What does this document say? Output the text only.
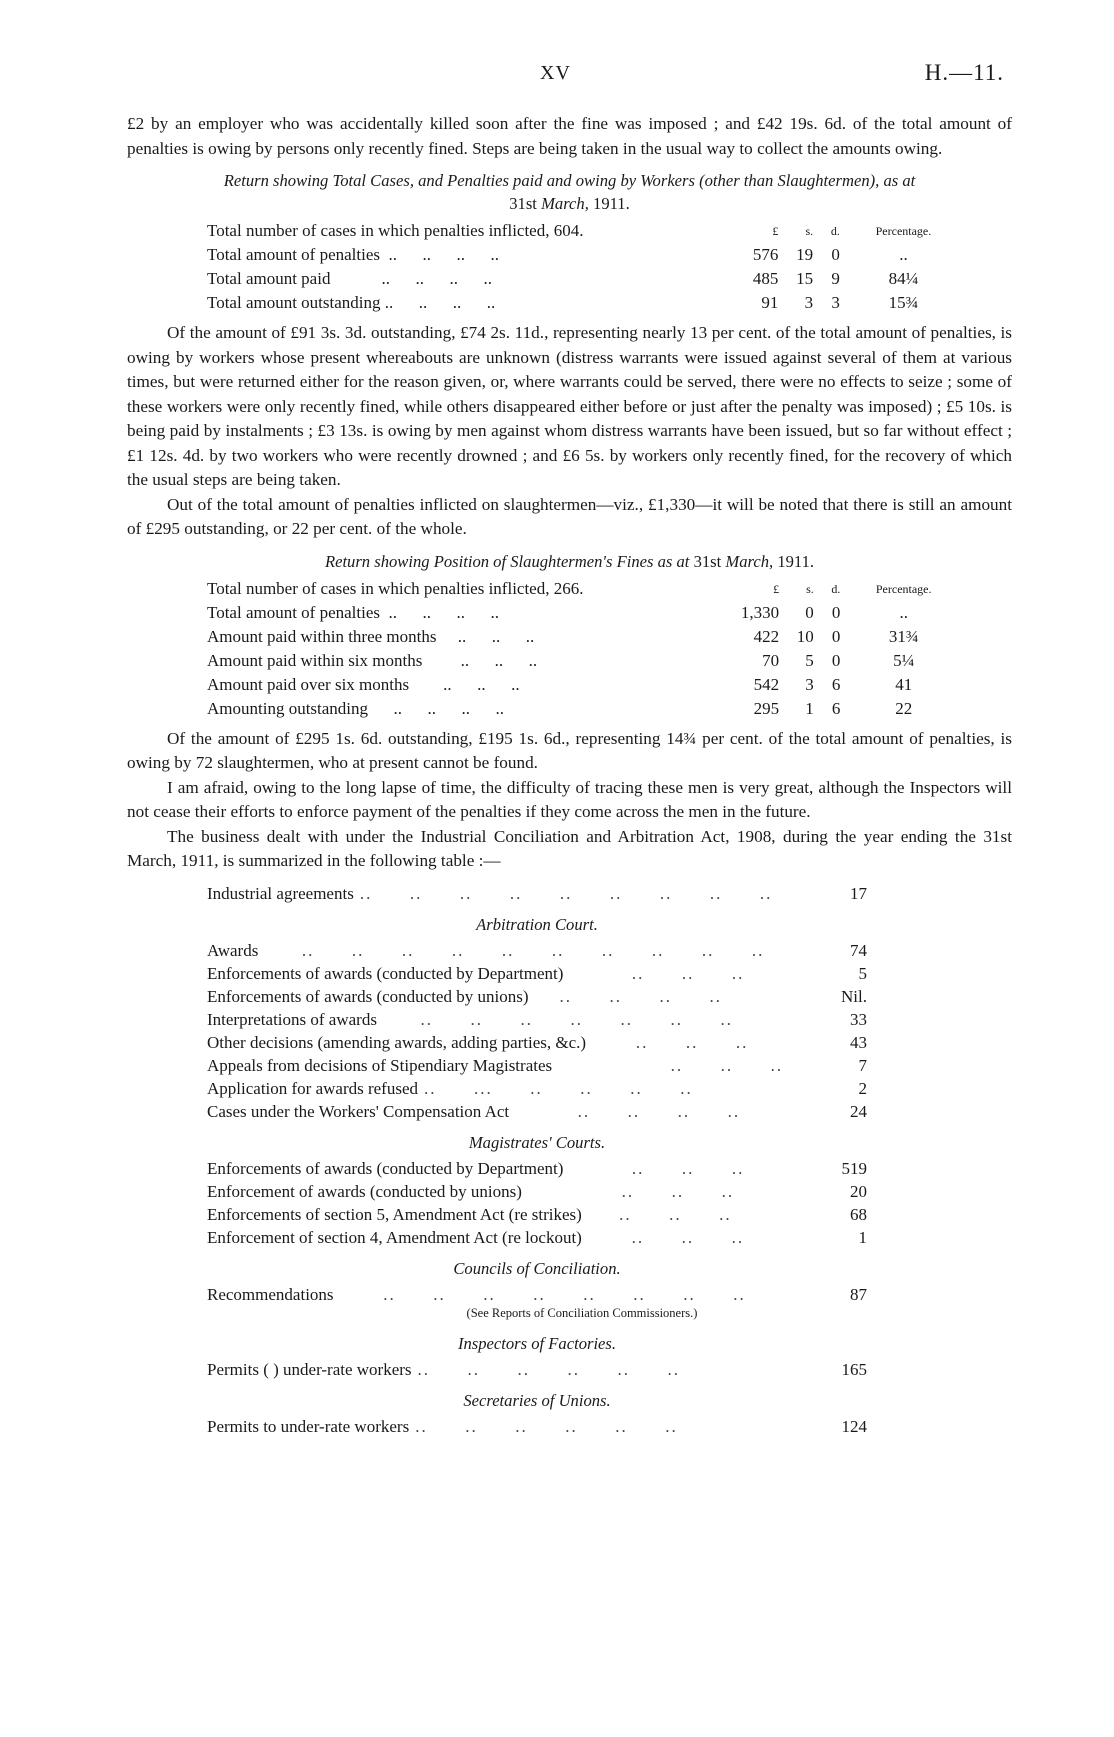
XV	H.—11.

£2 by an employer who was accidentally killed soon after the fine was imposed ; and £42 19s. 6d. of the total amount of penalties is owing by persons only recently fined. Steps are being taken in the usual way to collect the amounts owing.

Return showing Total Cases, and Penalties paid and owing by Workers (other than Slaughtermen), as at
31st March, 1911.
Total number of cases in which penalties inflicted, 604.	£	s.	d.	Percentage.
Total amount of penalties  ..      ..      ..      ..	576	19	0	..
Total amount paid            ..      ..      ..      ..	485	15	9	84¼
Total amount outstanding ..      ..      ..      ..	91	3	3	15¾

Of the amount of £91 3s. 3d. outstanding, £74 2s. 11d., representing nearly 13 per cent. of the total amount of penalties, is owing by workers whose present whereabouts are unknown (distress warrants were issued against several of them at various times, but were returned either for the reason given, or, where warrants could be served, there were no effects to seize ; some of these workers were only recently fined, while others disappeared either before or just after the penalty was imposed) ; £5 10s. is being paid by instalments ; £3 13s. is owing by men against whom distress warrants have been issued, but so far without effect ; £1 12s. 4d. by two workers who were recently drowned ; and £6 5s. by workers only recently fined, for the recovery of which the usual steps are being taken.

Out of the total amount of penalties inflicted on slaughtermen—viz., £1,330—it will be noted that there is still an amount of £295 outstanding, or 22 per cent. of the whole.

Return showing Position of Slaughtermen's Fines as at 31st March, 1911.
Total number of cases in which penalties inflicted, 266.	£	s.	d.	Percentage.
Total amount of penalties  ..      ..      ..      ..	1,330	0	0	..
Amount paid within three months     ..      ..      ..	422	10	0	31¾
Amount paid within six months         ..      ..      ..	70	5	0	5¼
Amount paid over six months        ..      ..      ..	542	3	6	41
Amounting outstanding      ..      ..      ..      ..	295	1	6	22

Of the amount of £295 1s. 6d. outstanding, £195 1s. 6d., representing 14¾ per cent. of the total amount of penalties, is owing by 72 slaughtermen, who at present cannot be found.

I am afraid, owing to the long lapse of time, the difficulty of tracing these men is very great, although the Inspectors will not cease their efforts to enforce payment of the penalties if they come across the men in the future.

The business dealt with under the Industrial Conciliation and Arbitration Act, 1908, during the year ending the 31st March, 1911, is summarized in the following table :—

Industrial agreements ..      ..      ..      ..      ..      ..      ..      ..      ..	17
Arbitration Court.
Awards ..      ..      ..      ..      ..      ..      ..      ..      ..      ..	74
Enforcements of awards (conducted by Department) ..      ..      ..	5
Enforcements of awards (conducted by unions) ..      ..      ..      ..	Nil.
Interpretations of awards ..      ..      ..      ..      ..      ..      ..	33
Other decisions (amending awards, adding parties, &c.) ..      ..      ..	43
Appeals from decisions of Stipendiary Magistrates ..      ..      ..	7
Application for awards refused ..      ...      ..      ..      ..      ..	2
Cases under the Workers' Compensation Act ..      ..      ..      ..	24
Magistrates' Courts.
Enforcements of awards (conducted by Department) ..      ..      ..	519
Enforcement of awards (conducted by unions) ..      ..      ..	20
Enforcements of section 5, Amendment Act (re strikes) ..      ..      ..	68
Enforcement of section 4, Amendment Act (re lockout) ..      ..      ..	1
Councils of Conciliation.
Recommendations ..      ..      ..      ..      ..      ..      ..      ..	87
(See Reports of Conciliation Commissioners.)
Inspectors of Factories.
Permits ( ) under-rate workers ..      ..      ..      ..      ..      ..	165
Secretaries of Unions.
Permits to under-rate workers ..      ..      ..      ..      ..      ..	124
